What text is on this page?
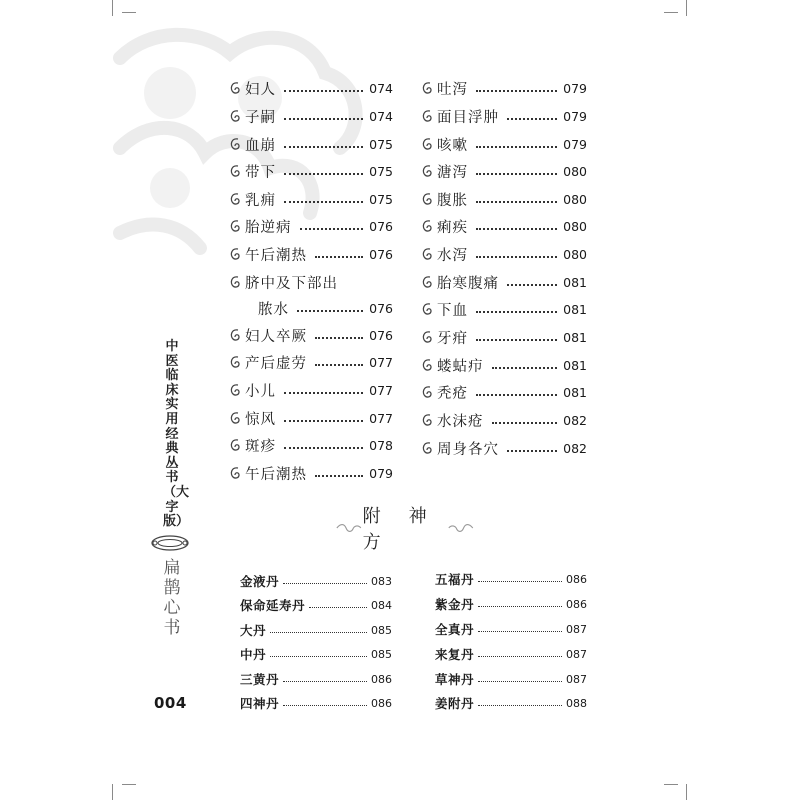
中医临床实用经典丛书（大字版）
扁鹊心书
004
妇人	074
子嗣	074
血崩	075
带下	075
乳痈	075
胎逆病	076
午后潮热	076
脐中及下部出
脓水	076
妇人卒厥	076
产后虚劳	077
小儿	077
惊风	077
斑疹	078
午后潮热	079
吐泻	079
面目浮肿	079
咳嗽	079
溏泻	080
腹胀	080
痢疾	080
水泻	080
胎寒腹痛	081
下血	081
牙疳	081
蝼蛄疖	081
秃疮	081
水沫疮	082
周身各穴	082
附　神方
金液丹	083
保命延寿丹	084
大丹	085
中丹	085
三黄丹	086
四神丹	086
五福丹	086
紫金丹	086
全真丹	087
来复丹	087
草神丹	087
姜附丹	088
